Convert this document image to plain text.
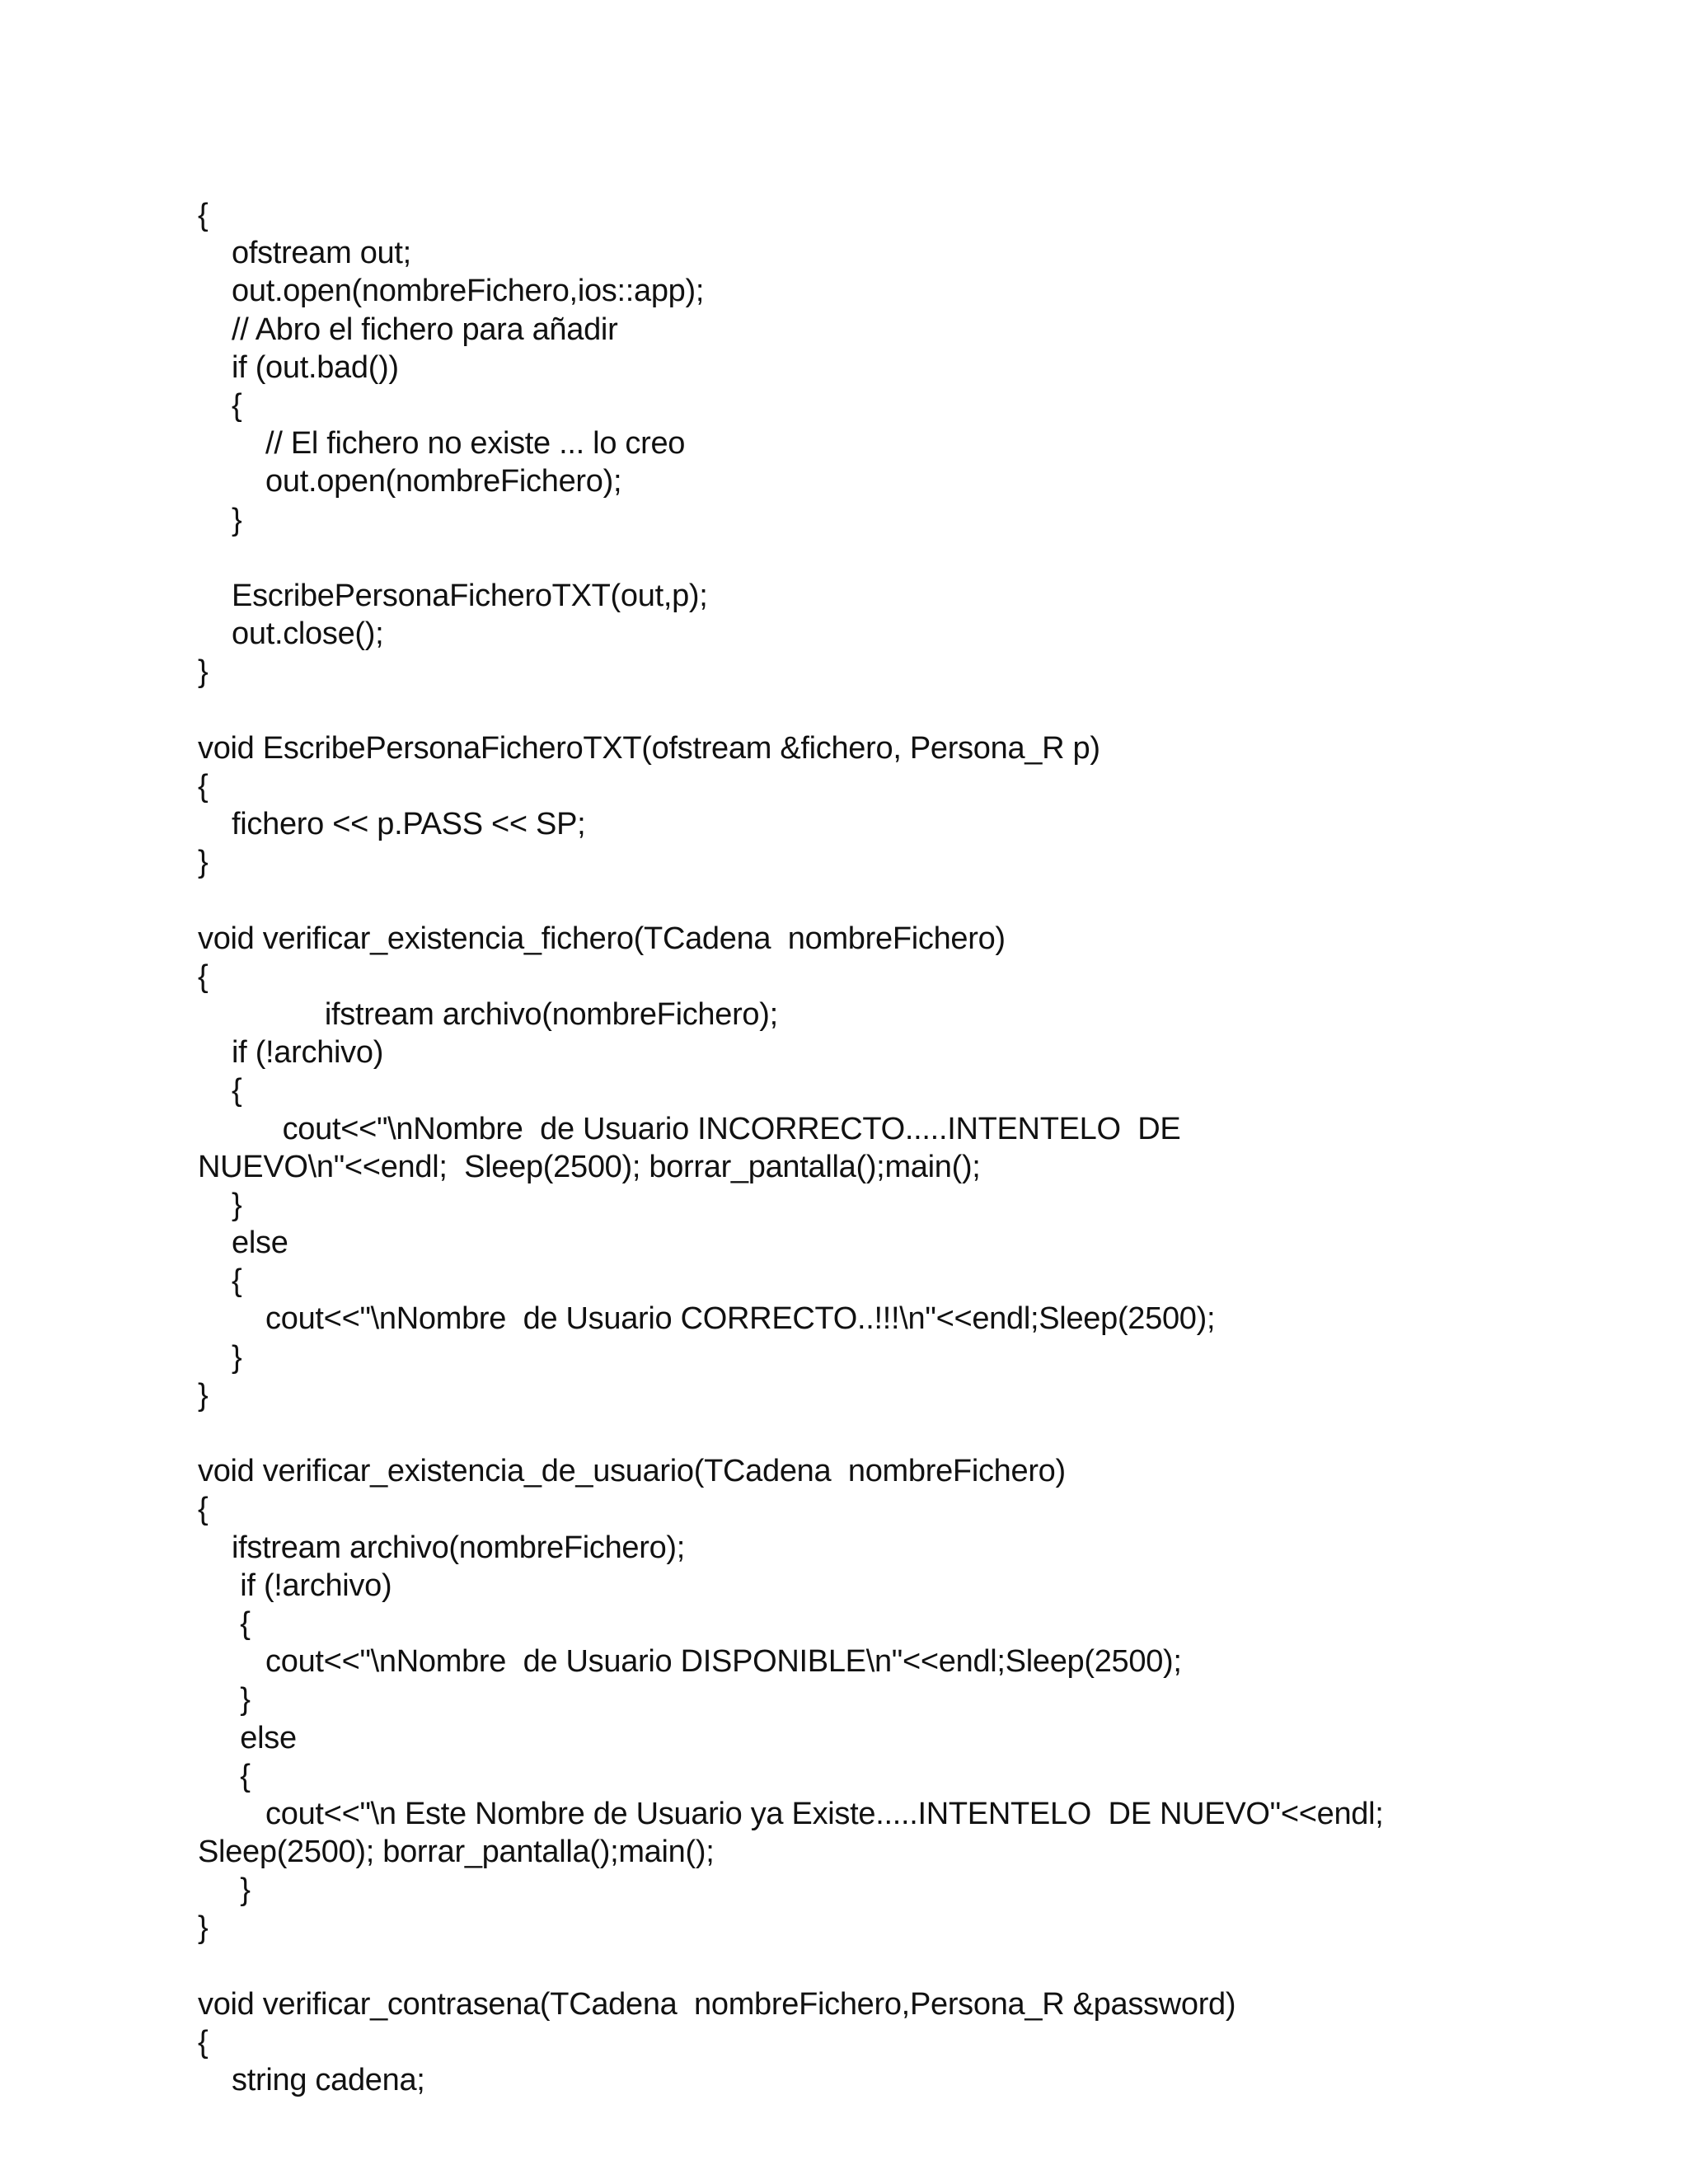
{
ofstream out;
out.open(nombreFichero,ios::app);
// Abro el fichero para añadir
if (out.bad())
{
// El fichero no existe ... lo creo
out.open(nombreFichero);
}
EscribePersonaFicheroTXT(out,p);
out.close();
}
void EscribePersonaFicheroTXT(ofstream &fichero, Persona_R p)
{
fichero << p.PASS << SP;
}
void verificar_existencia_fichero(TCadena  nombreFichero)
{
ifstream archivo(nombreFichero);
if (!archivo)
{
cout<<"\nNombre  de Usuario INCORRECTO.....INTENTELO  DE
NUEVO\n"<<endl;  Sleep(2500); borrar_pantalla();main();
}
else
{
cout<<"\nNombre  de Usuario CORRECTO..!!!\n"<<endl;Sleep(2500);
}
}
void verificar_existencia_de_usuario(TCadena  nombreFichero)
{
ifstream archivo(nombreFichero);
if (!archivo)
{
cout<<"\nNombre  de Usuario DISPONIBLE\n"<<endl;Sleep(2500);
}
else
{
cout<<"\n Este Nombre de Usuario ya Existe.....INTENTELO  DE NUEVO"<<endl;
Sleep(2500); borrar_pantalla();main();
}
}
void verificar_contrasena(TCadena  nombreFichero,Persona_R &password)
{
string cadena;
